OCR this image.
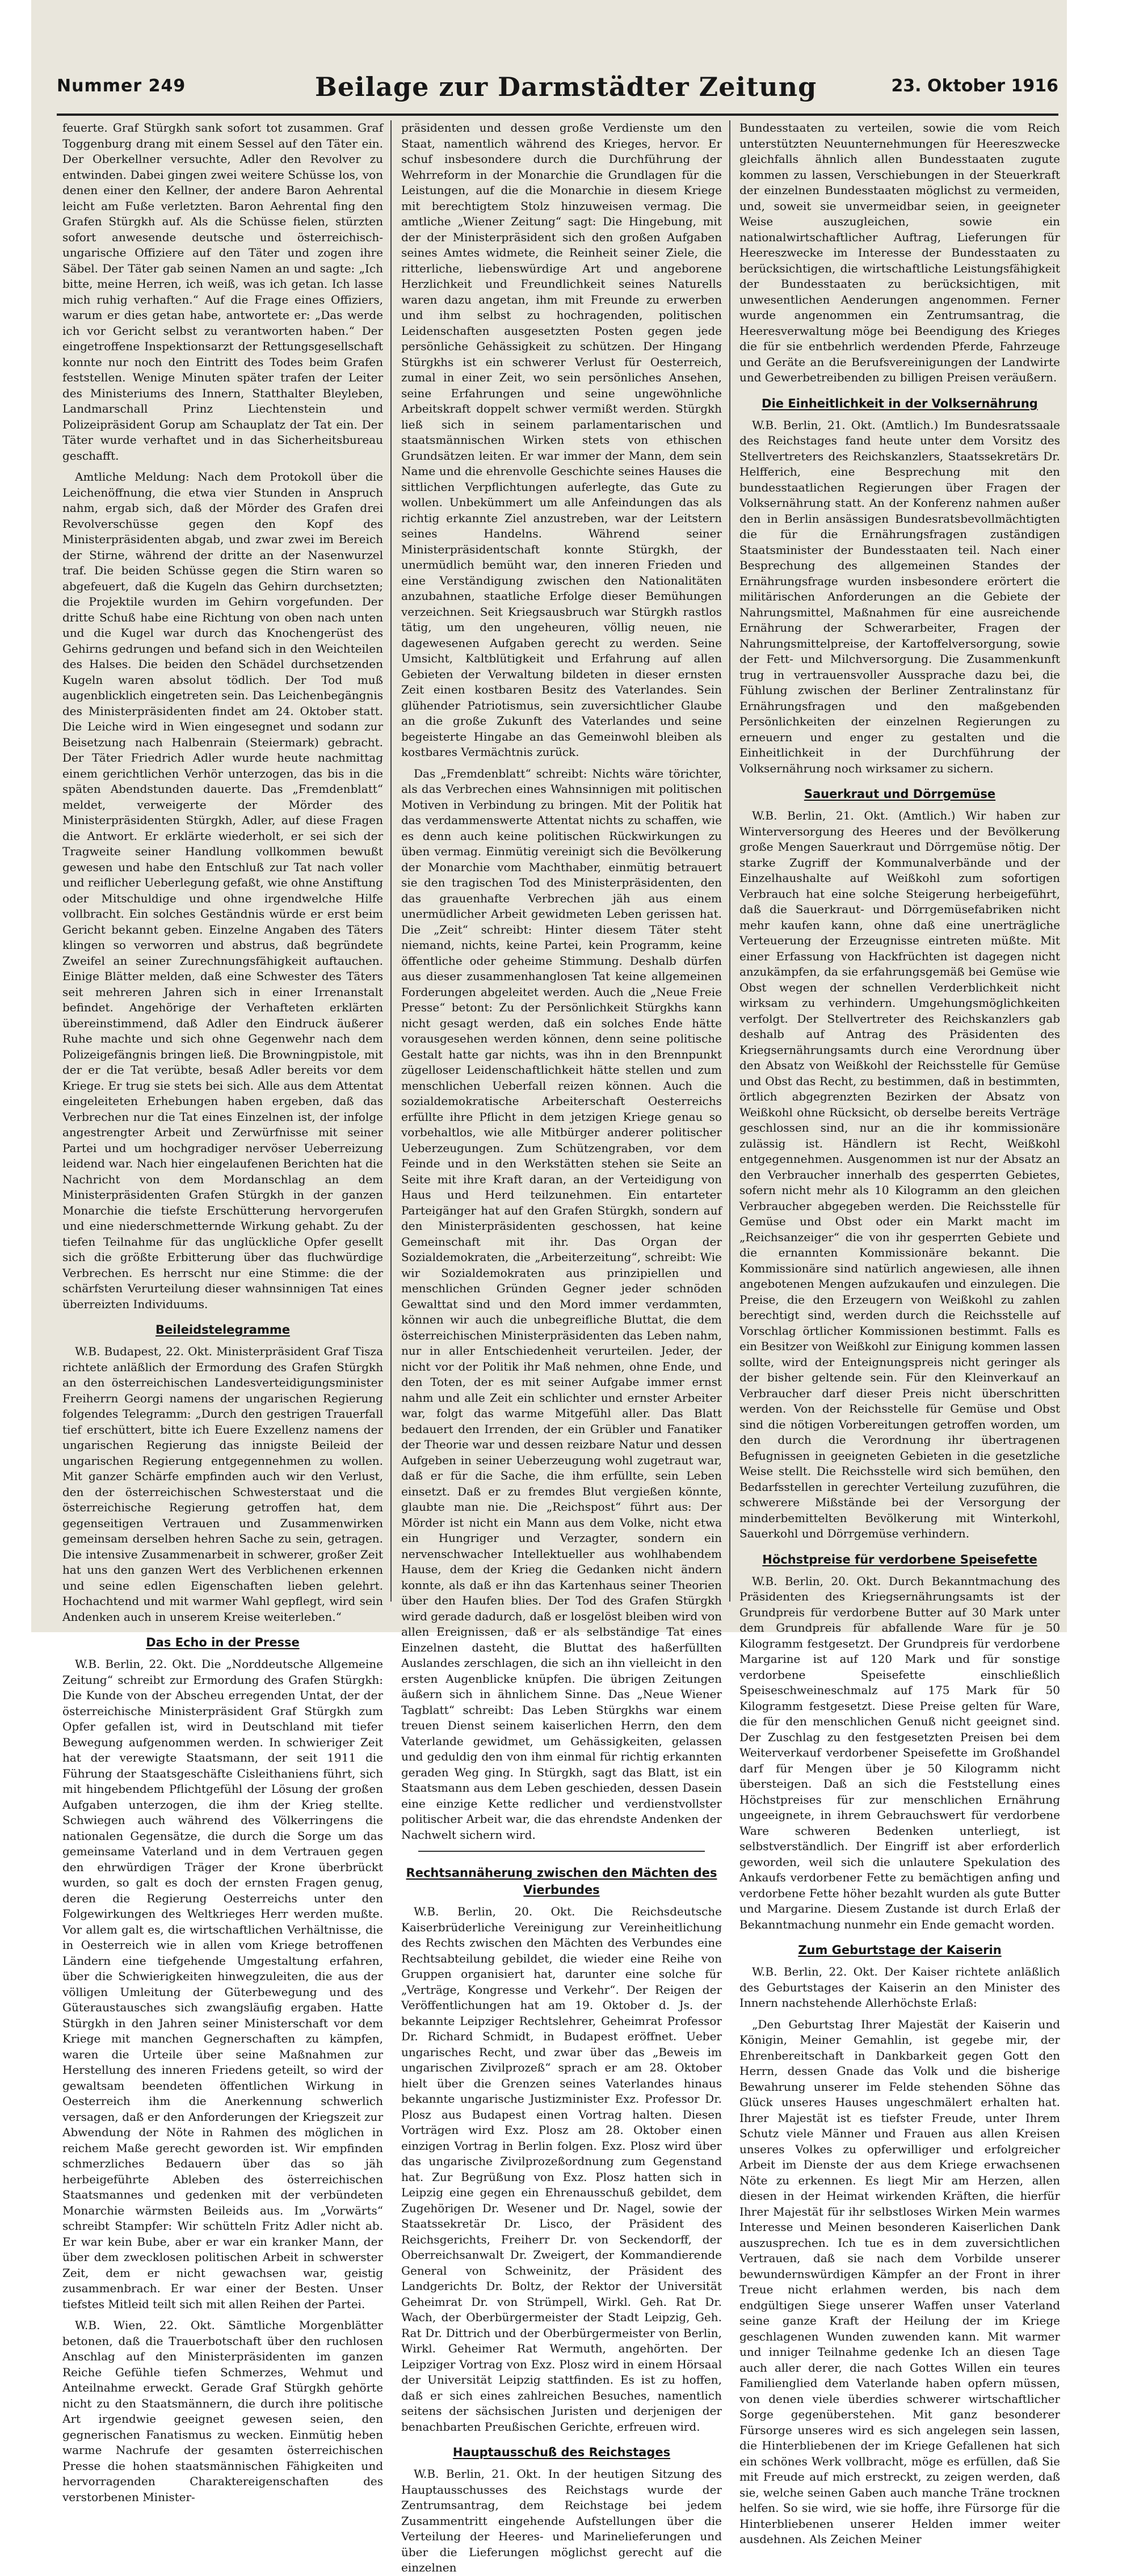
Nummer 249	Beilage zur Darmstädter Zeitung	23. Oktober 1916

feuerte. Graf Stürgkh sank sofort tot zusammen. Graf Toggenburg drang mit einem Sessel auf den Täter ein. Der Oberkellner versuchte, Adler den Revolver zu entwinden. Dabei gingen zwei weitere Schüsse los, von denen einer den Kellner, der andere Baron Aehrental leicht am Fuße verletzten. Baron Aehrental fing den Grafen Stürgkh auf. Als die Schüsse fielen, stürzten sofort anwesende deutsche und österreichisch-ungarische Offiziere auf den Täter und zogen ihre Säbel. Der Täter gab seinen Namen an und sagte: „Ich bitte, meine Herren, ich weiß, was ich getan. Ich lasse mich ruhig verhaften.“ Auf die Frage eines Offiziers, warum er dies getan habe, antwortete er: „Das werde ich vor Gericht selbst zu verantworten haben.“ Der eingetroffene Inspektionsarzt der Rettungsgesellschaft konnte nur noch den Eintritt des Todes beim Grafen feststellen. Wenige Minuten später trafen der Leiter des Ministeriums des Innern, Statthalter Bleyleben, Landmarschall Prinz Liechtenstein und Polizeipräsident Gorup am Schauplatz der Tat ein. Der Täter wurde verhaftet und in das Sicherheitsbureau geschafft.

Amtliche Meldung: Nach dem Protokoll über die Leichenöffnung, die etwa vier Stunden in Anspruch nahm, ergab sich, daß der Mörder des Grafen drei Revolverschüsse gegen den Kopf des Ministerpräsidenten abgab, und zwar zwei im Bereich der Stirne, während der dritte an der Nasenwurzel traf. Die beiden Schüsse gegen die Stirn waren so abgefeuert, daß die Kugeln das Gehirn durchsetzten; die Projektile wurden im Gehirn vorgefunden. Der dritte Schuß habe eine Richtung von oben nach unten und die Kugel war durch das Knochengerüst des Gehirns gedrungen und befand sich in den Weichteilen des Halses. Die beiden den Schädel durchsetzenden Kugeln waren absolut tödlich. Der Tod muß augenblicklich eingetreten sein. Das Leichenbegängnis des Ministerpräsidenten findet am 24. Oktober statt. Die Leiche wird in Wien eingesegnet und sodann zur Beisetzung nach Halbenrain (Steiermark) gebracht. Der Täter Friedrich Adler wurde heute nachmittag einem gerichtlichen Verhör unterzogen, das bis in die späten Abendstunden dauerte. Das „Fremdenblatt“ meldet, verweigerte der Mörder des Ministerpräsidenten Stürgkh, Adler, auf diese Fragen die Antwort. Er erklärte wiederholt, er sei sich der Tragweite seiner Handlung vollkommen bewußt gewesen und habe den Entschluß zur Tat nach voller und reiflicher Ueberlegung gefaßt, wie ohne Anstiftung oder Mitschuldige und ohne irgendwelche Hilfe vollbracht. Ein solches Geständnis würde er erst beim Gericht bekannt geben. Einzelne Angaben des Täters klingen so verworren und abstrus, daß begründete Zweifel an seiner Zurechnungsfähigkeit auftauchen. Einige Blätter melden, daß eine Schwester des Täters seit mehreren Jahren sich in einer Irrenanstalt befindet. Angehörige der Verhafteten erklärten übereinstimmend, daß Adler den Eindruck äußerer Ruhe machte und sich ohne Gegenwehr nach dem Polizeigefängnis bringen ließ. Die Browningpistole, mit der er die Tat verübte, besaß Adler bereits vor dem Kriege. Er trug sie stets bei sich. Alle aus dem Attentat eingeleiteten Erhebungen haben ergeben, daß das Verbrechen nur die Tat eines Einzelnen ist, der infolge angestrengter Arbeit und Zerwürfnisse mit seiner Partei und um hochgradiger nervöser Ueberreizung leidend war. Nach hier eingelaufenen Berichten hat die Nachricht von dem Mordanschlag an dem Ministerpräsidenten Grafen Stürgkh in der ganzen Monarchie die tiefste Erschütterung hervorgerufen und eine niederschmetternde Wirkung gehabt. Zu der tiefen Teilnahme für das unglückliche Opfer gesellt sich die größte Erbitterung über das fluchwürdige Verbrechen. Es herrscht nur eine Stimme: die der schärfsten Verurteilung dieser wahnsinnigen Tat eines überreizten Individuums.

Beileidstelegramme

W.B. Budapest, 22. Okt. Ministerpräsident Graf Tisza richtete anläßlich der Ermordung des Grafen Stürgkh an den österreichischen Landesverteidigungsminister Freiherrn Georgi namens der ungarischen Regierung folgendes Telegramm: „Durch den gestrigen Trauerfall tief erschüttert, bitte ich Euere Exzellenz namens der ungarischen Regierung das innigste Beileid der ungarischen Regierung entgegennehmen zu wollen. Mit ganzer Schärfe empfinden auch wir den Verlust, den der österreichischen Schwesterstaat und die österreichische Regierung getroffen hat, dem gegenseitigen Vertrauen und Zusammenwirken gemeinsam derselben hehren Sache zu sein, getragen. Die intensive Zusammenarbeit in schwerer, großer Zeit hat uns den ganzen Wert des Verblichenen erkennen und seine edlen Eigenschaften lieben gelehrt. Hochachtend und mit warmer Wahl gepflegt, wird sein Andenken auch in unserem Kreise weiterleben.“

Das Echo in der Presse

W.B. Berlin, 22. Okt. Die „Norddeutsche Allgemeine Zeitung“ schreibt zur Ermordung des Grafen Stürgkh: Die Kunde von der Abscheu erregenden Untat, der der österreichische Ministerpräsident Graf Stürgkh zum Opfer gefallen ist, wird in Deutschland mit tiefer Bewegung aufgenommen werden. In schwieriger Zeit hat der verewigte Staatsmann, der seit 1911 die Führung der Staatsgeschäfte Cisleithaniens führt, sich mit hingebendem Pflichtgefühl der Lösung der großen Aufgaben unterzogen, die ihm der Krieg stellte. Schwiegen auch während des Völkerringens die nationalen Gegensätze, die durch die Sorge um das gemeinsame Vaterland und in dem Vertrauen gegen den ehrwürdigen Träger der Krone überbrückt wurden, so galt es doch der ernsten Fragen genug, deren die Regierung Oesterreichs unter den Folgewirkungen des Weltkrieges Herr werden mußte. Vor allem galt es, die wirtschaftlichen Verhältnisse, die in Oesterreich wie in allen vom Kriege betroffenen Ländern eine tiefgehende Umgestaltung erfahren, über die Schwierigkeiten hinwegzuleiten, die aus der völligen Umleitung der Güterbewegung und des Güteraustausches sich zwangsläufig ergaben. Hatte Stürgkh in den Jahren seiner Ministerschaft vor dem Kriege mit manchen Gegnerschaften zu kämpfen, waren die Urteile über seine Maßnahmen zur Herstellung des inneren Friedens geteilt, so wird der gewaltsam beendeten öffentlichen Wirkung in Oesterreich ihm die Anerkennung schwerlich versagen, daß er den Anforderungen der Kriegszeit zur Abwendung der Nöte in Rahmen des möglichen in reichem Maße gerecht geworden ist. Wir empfinden schmerzliches Bedauern über das so jäh herbeigeführte Ableben des österreichischen Staatsmannes und gedenken mit der verbündeten Monarchie wärmsten Beileids aus. Im „Vorwärts“ schreibt Stampfer: Wir schütteln Fritz Adler nicht ab. Er war kein Bube, aber er war ein kranker Mann, der über dem zwecklosen politischen Arbeit in schwerster Zeit, dem er nicht gewachsen war, geistig zusammenbrach. Er war einer der Besten. Unser tiefstes Mitleid teilt sich mit allen Reihen der Partei.

W.B. Wien, 22. Okt. Sämtliche Morgenblätter betonen, daß die Trauerbotschaft über den ruchlosen Anschlag auf den Ministerpräsidenten im ganzen Reiche Gefühle tiefen Schmerzes, Wehmut und Anteilnahme erweckt. Gerade Graf Stürgkh gehörte nicht zu den Staatsmännern, die durch ihre politische Art irgendwie geeignet gewesen seien, den gegnerischen Fanatismus zu wecken. Einmütig heben warme Nachrufe der gesamten österreichischen Presse die hohen staatsmännischen Fähigkeiten und hervorragenden Charaktereigenschaften des verstorbenen Minister-

präsidenten und dessen große Verdienste um den Staat, namentlich während des Krieges, hervor. Er schuf insbesondere durch die Durchführung der Wehrreform in der Monarchie die Grundlagen für die Leistungen, auf die die Monarchie in diesem Kriege mit berechtigtem Stolz hinzuweisen vermag. Die amtliche „Wiener Zeitung“ sagt: Die Hingebung, mit der der Ministerpräsident sich den großen Aufgaben seines Amtes widmete, die Reinheit seiner Ziele, die ritterliche, liebenswürdige Art und angeborene Herzlichkeit und Freundlichkeit seines Naturells waren dazu angetan, ihm mit Freunde zu erwerben und ihm selbst zu hochragenden, politischen Leidenschaften ausgesetzten Posten gegen jede persönliche Gehässigkeit zu schützen. Der Hingang Stürgkhs ist ein schwerer Verlust für Oesterreich, zumal in einer Zeit, wo sein persönliches Ansehen, seine Erfahrungen und seine ungewöhnliche Arbeitskraft doppelt schwer vermißt werden. Stürgkh ließ sich in seinem parlamentarischen und staatsmännischen Wirken stets von ethischen Grundsätzen leiten. Er war immer der Mann, dem sein Name und die ehrenvolle Geschichte seines Hauses die sittlichen Verpflichtungen auferlegte, das Gute zu wollen. Unbekümmert um alle Anfeindungen das als richtig erkannte Ziel anzustreben, war der Leitstern seines Handelns. Während seiner Ministerpräsidentschaft konnte Stürgkh, der unermüdlich bemüht war, den inneren Frieden und eine Verständigung zwischen den Nationalitäten anzubahnen, staatliche Erfolge dieser Bemühungen verzeichnen. Seit Kriegsausbruch war Stürgkh rastlos tätig, um den ungeheuren, völlig neuen, nie dagewesenen Aufgaben gerecht zu werden. Seine Umsicht, Kaltblütigkeit und Erfahrung auf allen Gebieten der Verwaltung bildeten in dieser ernsten Zeit einen kostbaren Besitz des Vaterlandes. Sein glühender Patriotismus, sein zuversichtlicher Glaube an die große Zukunft des Vaterlandes und seine begeisterte Hingabe an das Gemeinwohl bleiben als kostbares Vermächtnis zurück.

Das „Fremdenblatt“ schreibt: Nichts wäre törichter, als das Verbrechen eines Wahnsinnigen mit politischen Motiven in Verbindung zu bringen. Mit der Politik hat das verdammenswerte Attentat nichts zu schaffen, wie es denn auch keine politischen Rückwirkungen zu üben vermag. Einmütig vereinigt sich die Bevölkerung der Monarchie vom Machthaber, einmütig betrauert sie den tragischen Tod des Ministerpräsidenten, den das grauenhafte Verbrechen jäh aus einem unermüdlicher Arbeit gewidmeten Leben gerissen hat. Die „Zeit“ schreibt: Hinter diesem Täter steht niemand, nichts, keine Partei, kein Programm, keine öffentliche oder geheime Stimmung. Deshalb dürfen aus dieser zusammenhanglosen Tat keine allgemeinen Forderungen abgeleitet werden. Auch die „Neue Freie Presse“ betont: Zu der Persönlichkeit Stürgkhs kann nicht gesagt werden, daß ein solches Ende hätte vorausgesehen werden können, denn seine politische Gestalt hatte gar nichts, was ihn in den Brennpunkt zügelloser Leidenschaftlichkeit hätte stellen und zum menschlichen Ueberfall reizen können. Auch die sozialdemokratische Arbeiterschaft Oesterreichs erfüllte ihre Pflicht in dem jetzigen Kriege genau so vorbehaltlos, wie alle Mitbürger anderer politischer Ueberzeugungen. Zum Schützengraben, vor dem Feinde und in den Werkstätten stehen sie Seite an Seite mit ihre Kraft daran, an der Verteidigung von Haus und Herd teilzunehmen. Ein entarteter Parteigänger hat auf den Grafen Stürgkh, sondern auf den Ministerpräsidenten geschossen, hat keine Gemeinschaft mit ihr. Das Organ der Sozialdemokraten, die „Arbeiterzeitung“, schreibt: Wie wir Sozialdemokraten aus prinzipiellen und menschlichen Gründen Gegner jeder schnöden Gewalttat sind und den Mord immer verdammten, können wir auch die unbegreifliche Bluttat, die dem österreichischen Ministerpräsidenten das Leben nahm, nur in aller Entschiedenheit verurteilen. Jeder, der nicht vor der Politik ihr Maß nehmen, ohne Ende, und den Toten, der es mit seiner Aufgabe immer ernst nahm und alle Zeit ein schlichter und ernster Arbeiter war, folgt das warme Mitgefühl aller. Das Blatt bedauert den Irrenden, der ein Grübler und Fanatiker der Theorie war und dessen reizbare Natur und dessen Aufgeben in seiner Ueberzeugung wohl zugetraut war, daß er für die Sache, die ihm erfüllte, sein Leben einsetzt. Daß er zu fremdes Blut vergießen könnte, glaubte man nie. Die „Reichspost“ führt aus: Der Mörder ist nicht ein Mann aus dem Volke, nicht etwa ein Hungriger und Verzagter, sondern ein nervenschwacher Intellektueller aus wohlhabendem Hause, dem der Krieg die Gedanken nicht ändern konnte, als daß er ihn das Kartenhaus seiner Theorien über den Haufen blies. Der Tod des Grafen Stürgkh wird gerade dadurch, daß er losgelöst bleiben wird von allen Ereignissen, daß er als selbständige Tat eines Einzelnen dasteht, die Bluttat des haßerfüllten Auslandes zerschlagen, die sich an ihn vielleicht in den ersten Augenblicke knüpfen. Die übrigen Zeitungen äußern sich in ähnlichem Sinne. Das „Neue Wiener Tagblatt“ schreibt: Das Leben Stürgkhs war einem treuen Dienst seinem kaiserlichen Herrn, den dem Vaterlande gewidmet, um Gehässigkeiten, gelassen und geduldig den von ihm einmal für richtig erkannten geraden Weg ging. In Stürgkh, sagt das Blatt, ist ein Staatsmann aus dem Leben geschieden, dessen Dasein eine einzige Kette redlicher und verdienstvollster politischer Arbeit war, die das ehrendste Andenken der Nachwelt sichern wird.

Rechtsannäherung zwischen den Mächten des Vierbundes

W.B. Berlin, 20. Okt. Die Reichsdeutsche Kaiserbrüderliche Vereinigung zur Vereinheitlichung des Rechts zwischen den Mächten des Verbundes eine Rechtsabteilung gebildet, die wieder eine Reihe von Gruppen organisiert hat, darunter eine solche für „Verträge, Kongresse und Verkehr“. Der Reigen der Veröffentlichungen hat am 19. Oktober d. Js. der bekannte Leipziger Rechtslehrer, Geheimrat Professor Dr. Richard Schmidt, in Budapest eröffnet. Ueber ungarisches Recht, und zwar über das „Beweis im ungarischen Zivilprozeß“ sprach er am 28. Oktober hielt über die Grenzen seines Vaterlandes hinaus bekannte ungarische Justizminister Exz. Professor Dr. Plosz aus Budapest einen Vortrag halten. Diesen Vorträgen wird Exz. Plosz am 28. Oktober einen einzigen Vortrag in Berlin folgen. Exz. Plosz wird über das ungarische Zivilprozeßordnung zum Gegenstand hat. Zur Begrüßung von Exz. Plosz hatten sich in Leipzig eine gegen ein Ehrenausschuß gebildet, dem Zugehörigen Dr. Wesener und Dr. Nagel, sowie der Staatssekretär Dr. Lisco, der Präsident des Reichsgerichts, Freiherr Dr. von Seckendorff, der Oberreichsanwalt Dr. Zweigert, der Kommandierende General von Schweinitz, der Präsident des Landgerichts Dr. Boltz, der Rektor der Universität Geheimrat Dr. von Strümpell, Wirkl. Geh. Rat Dr. Wach, der Oberbürgermeister der Stadt Leipzig, Geh. Rat Dr. Dittrich und der Oberbürgermeister von Berlin, Wirkl. Geheimer Rat Wermuth, angehörten. Der Leipziger Vortrag von Exz. Plosz wird in einem Hörsaal der Universität Leipzig stattfinden. Es ist zu hoffen, daß er sich eines zahlreichen Besuches, namentlich seitens der sächsischen Juristen und derjenigen der benachbarten Preußischen Gerichte, erfreuen wird.

Hauptausschuß des Reichstages

W.B. Berlin, 21. Okt. In der heutigen Sitzung des Hauptausschusses des Reichstags wurde der Zentrumsantrag, dem Reichstage bei jedem Zusammentritt eingehende Aufstellungen über die Verteilung der Heeres- und Marinelieferungen und über die Lieferungen möglichst gerecht auf die einzelnen

Bundesstaaten zu verteilen, sowie die vom Reich unterstützten Neuunternehmungen für Heereszwecke gleichfalls ähnlich allen Bundesstaaten zugute kommen zu lassen, Verschiebungen in der Steuerkraft der einzelnen Bundesstaaten möglichst zu vermeiden, und, soweit sie unvermeidbar seien, in geeigneter Weise auszugleichen, sowie ein nationalwirtschaftlicher Auftrag, Lieferungen für Heereszwecke im Interesse der Bundesstaaten zu berücksichtigen, die wirtschaftliche Leistungsfähigkeit der Bundesstaaten zu berücksichtigen, mit unwesentlichen Aenderungen angenommen. Ferner wurde angenommen ein Zentrumsantrag, die Heeresverwaltung möge bei Beendigung des Krieges die für sie entbehrlich werdenden Pferde, Fahrzeuge und Geräte an die Berufsvereinigungen der Landwirte und Gewerbetreibenden zu billigen Preisen veräußern.

Die Einheitlichkeit in der Volksernährung

W.B. Berlin, 21. Okt. (Amtlich.) Im Bundesratssaale des Reichstages fand heute unter dem Vorsitz des Stellvertreters des Reichskanzlers, Staatssekretärs Dr. Helfferich, eine Besprechung mit den bundesstaatlichen Regierungen über Fragen der Volksernährung statt. An der Konferenz nahmen außer den in Berlin ansässigen Bundesratsbevollmächtigten die für die Ernährungsfragen zuständigen Staatsminister der Bundesstaaten teil. Nach einer Besprechung des allgemeinen Standes der Ernährungsfrage wurden insbesondere erörtert die militärischen Anforderungen an die Gebiete der Nahrungsmittel, Maßnahmen für eine ausreichende Ernährung der Schwerarbeiter, Fragen der Nahrungsmittelpreise, der Kartoffelversorgung, sowie der Fett- und Milchversorgung. Die Zusammenkunft trug in vertrauensvoller Aussprache dazu bei, die Fühlung zwischen der Berliner Zentralinstanz für Ernährungsfragen und den maßgebenden Persönlichkeiten der einzelnen Regierungen zu erneuern und enger zu gestalten und die Einheitlichkeit in der Durchführung der Volksernährung noch wirksamer zu sichern.

Sauerkraut und Dörrgemüse

W.B. Berlin, 21. Okt. (Amtlich.) Wir haben zur Winterversorgung des Heeres und der Bevölkerung große Mengen Sauerkraut und Dörrgemüse nötig. Der starke Zugriff der Kommunalverbände und der Einzelhaushalte auf Weißkohl zum sofortigen Verbrauch hat eine solche Steigerung herbeigeführt, daß die Sauerkraut- und Dörrgemüsefabriken nicht mehr kaufen kann, ohne daß eine unerträgliche Verteuerung der Erzeugnisse eintreten müßte. Mit einer Erfassung von Hackfrüchten ist dagegen nicht anzukämpfen, da sie erfahrungsgemäß bei Gemüse wie Obst wegen der schnellen Verderblichkeit nicht wirksam zu verhindern. Umgehungsmöglichkeiten verfolgt. Der Stellvertreter des Reichskanzlers gab deshalb auf Antrag des Präsidenten des Kriegsernährungsamts durch eine Verordnung über den Absatz von Weißkohl der Reichsstelle für Gemüse und Obst das Recht, zu bestimmen, daß in bestimmten, örtlich abgegrenzten Bezirken der Absatz von Weißkohl ohne Rücksicht, ob derselbe bereits Verträge geschlossen sind, nur an die ihr kommissionäre zulässig ist. Händlern ist Recht, Weißkohl entgegennehmen. Ausgenommen ist nur der Absatz an den Verbraucher innerhalb des gesperrten Gebietes, sofern nicht mehr als 10 Kilogramm an den gleichen Verbraucher abgegeben werden. Die Reichsstelle für Gemüse und Obst oder ein Markt macht im „Reichsanzeiger“ die von ihr gesperrten Gebiete und die ernannten Kommissionäre bekannt. Die Kommissionäre sind natürlich angewiesen, alle ihnen angebotenen Mengen aufzukaufen und einzulegen. Die Preise, die den Erzeugern von Weißkohl zu zahlen berechtigt sind, werden durch die Reichsstelle auf Vorschlag örtlicher Kommissionen bestimmt. Falls es ein Besitzer von Weißkohl zur Einigung kommen lassen sollte, wird der Enteignungspreis nicht geringer als der bisher geltende sein. Für den Kleinverkauf an Verbraucher darf dieser Preis nicht überschritten werden. Von der Reichsstelle für Gemüse und Obst sind die nötigen Vorbereitungen getroffen worden, um den durch die Verordnung ihr übertragenen Befugnissen in geeigneten Gebieten in die gesetzliche Weise stellt. Die Reichsstelle wird sich bemühen, den Bedarfsstellen in gerechter Verteilung zuzuführen, die schwerere Mißstände bei der Versorgung der minderbemittelten Bevölkerung mit Winterkohl, Sauerkohl und Dörrgemüse verhindern.

Höchstpreise für verdorbene Speisefette

W.B. Berlin, 20. Okt. Durch Bekanntmachung des Präsidenten des Kriegsernährungsamts ist der Grundpreis für verdorbene Butter auf 30 Mark unter dem Grundpreis für abfallende Ware für je 50 Kilogramm festgesetzt. Der Grundpreis für verdorbene Margarine ist auf 120 Mark und für sonstige verdorbene Speisefette einschließlich Speiseschweineschmalz auf 175 Mark für 50 Kilogramm festgesetzt. Diese Preise gelten für Ware, die für den menschlichen Genuß nicht geeignet sind. Der Zuschlag zu den festgesetzten Preisen bei dem Weiterverkauf verdorbener Speisefette im Großhandel darf für Mengen über je 50 Kilogramm nicht übersteigen. Daß an sich die Feststellung eines Höchstpreises für zur menschlichen Ernährung ungeeignete, in ihrem Gebrauchswert für verdorbene Ware schweren Bedenken unterliegt, ist selbstverständlich. Der Eingriff ist aber erforderlich geworden, weil sich die unlautere Spekulation des Ankaufs verdorbener Fette zu bemächtigen anfing und verdorbene Fette höher bezahlt wurden als gute Butter und Margarine. Diesem Zustande ist durch Erlaß der Bekanntmachung nunmehr ein Ende gemacht worden.

Zum Geburtstage der Kaiserin

W.B. Berlin, 22. Okt. Der Kaiser richtete anläßlich des Geburtstages der Kaiserin an den Minister des Innern nachstehende Allerhöchste Erlaß:

„Den Geburtstag Ihrer Majestät der Kaiserin und Königin, Meiner Gemahlin, ist gegebe mir, der Ehrenbereitschaft in Dankbarkeit gegen Gott den Herrn, dessen Gnade das Volk und die bisherige Bewahrung unserer im Felde stehenden Söhne das Glück unseres Hauses ungeschmälert erhalten hat. Ihrer Majestät ist es tiefster Freude, unter Ihrem Schutz viele Männer und Frauen aus allen Kreisen unseres Volkes zu opferwilliger und erfolgreicher Arbeit im Dienste der aus dem Kriege erwachsenen Nöte zu erkennen. Es liegt Mir am Herzen, allen diesen in der Heimat wirkenden Kräften, die hierfür Ihrer Majestät für ihr selbstloses Wirken Mein warmes Interesse und Meinen besonderen Kaiserlichen Dank auszusprechen. Ich tue es in dem zuversichtlichen Vertrauen, daß sie nach dem Vorbilde unserer bewundernswürdigen Kämpfer an der Front in ihrer Treue nicht erlahmen werden, bis nach dem endgültigen Siege unserer Waffen unser Vaterland seine ganze Kraft der Heilung der im Kriege geschlagenen Wunden zuwenden kann. Mit warmer und inniger Teilnahme gedenke Ich an diesen Tage auch aller derer, die nach Gottes Willen ein teures Familienglied dem Vaterlande haben opfern müssen, von denen viele überdies schwerer wirtschaftlicher Sorge gegenüberstehen. Mit ganz besonderer Fürsorge unseres wird es sich angelegen sein lassen, die Hinterbliebenen der im Kriege Gefallenen hat sich ein schönes Werk vollbracht, möge es erfüllen, daß Sie mit Freude auf mich erstreckt, zu zeigen werden, daß sie, welche seinen Gaben auch manche Träne trocknen helfen. So sie wird, wie sie hoffe, ihre Fürsorge für die Hinterbliebenen unserer Helden immer weiter ausdehnen. Als Zeichen Meiner
